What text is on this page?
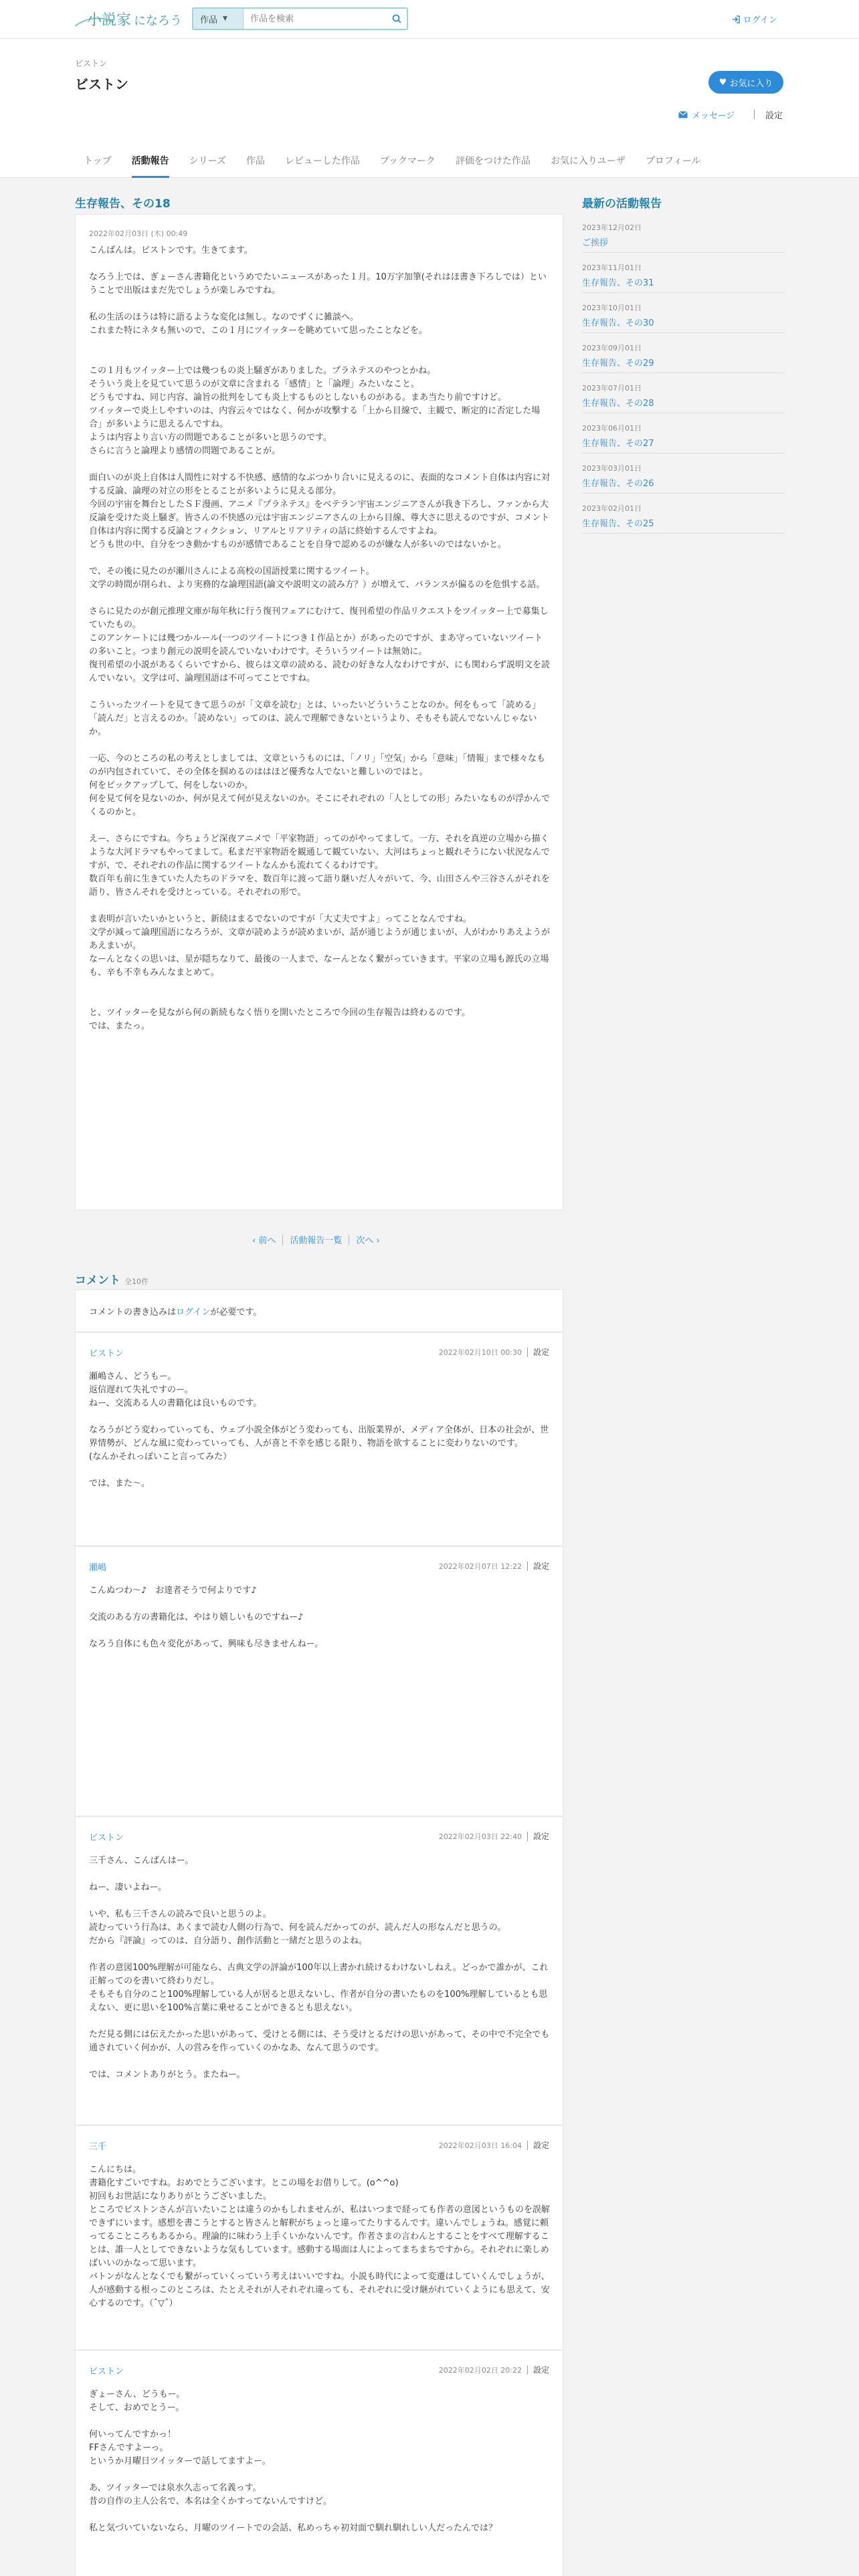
小説家 になろう 作品 ▼
作品を検索	ログイン
ビストン
ビストン	♥ お気に入り
メッセージ	設定
トップ	活動報告	シリーズ	作品	レビューした作品	ブックマーク	評価をつけた作品	お気に入りユーザ	プロフィール
生存報告、その18
2022年02月03日 (木) 00:49
こんばんは。ビストンです。生きてます。

なろう上では、ぎょーさん書籍化というめでたいニュースがあった１月。10万字加筆(それはほ書き下ろしでは）ということで出版はまだ先でしょうが楽しみですね。

私の生活のほうは特に語るような変化は無し。なのでずくに雑談へ。
これまた特にネタも無いので、この１月にツイッターを眺めていて思ったことなどを。

この１月もツイッター上では幾つもの炎上騒ぎがありました。プラネテスのやつとかね。
そういう炎上を見ていて思うのが文章に含まれる「感情」と「論理」みたいなこと。
どうもですね、同じ内容、論旨の批判をしても炎上するものとしないものがある。まあ当たり前ですけど。
ツイッターで炎上しやすいのは、内容云々ではなく、何かが攻撃する「上から目線で、主観で、断定的に否定した場合」が多いように思えるんですね。
ようは内容より言い方の問題であることが多いと思うのです。
さらに言うと論理より感情の問題であることが。

面白いのが炎上自体は人間性に対する不快感、感情的なぶつかり合いに見えるのに、表面的なコメント自体は内容に対する反論、論理の対立の形をとることが多いように見える部分。
今回の宇宙を舞台としたＳＦ漫画、アニメ『プラネテス』をベテラン宇宙エンジニアさんが我き下ろし、ファンから大反論を受けた炎上騒ぎ。皆さんの不快感の元は宇宙エンジニアさんの上から目線、尊大さに思えるのですが、コメント自体は内容に関する反論とフィクション、リアルとリアリティの話に終始するんですよね。
どうも世の中、自分をつき動かすものが感情であることを自身で認めるのが嫌な人が多いのではないかと。

で、その後に見たのが瀬川さんによる高校の国語授業に関するツイート。
文学の時間が削られ、より実務的な論理国語(論文や説明文の読み方？）が増えて、バランスが偏るのを危惧する話。

さらに見たのが創元推理文庫が毎年秋に行う復刊フェアにむけて、復刊希望の作品リクエストをツイッター上で募集していたもの。
このアンケートには幾つかルール(一つのツイートにつき１作品とか）があったのですが、まあ守っていないツイートの多いこと。つまり創元の説明を読んでいないわけです。そういうツイートは無効に。
復刊希望の小説があるくらいですから、彼らは文章の読める、読むの好きな人なわけですが、にも関わらず説明文を読んでいない。文学は可、論理国語は不可ってことですね。

こういったツイートを見てきて思うのが「文章を読む」とは、いったいどういうことなのか。何をもって「読める」「読んだ」と言えるのか。「読めない」ってのは、読んで理解できないというより、そもそも読んでないんじゃないか。

一応、今のところの私の考えとしましては、文章というものには、「ノリ」「空気」から「意味」「情報」まで様々なものが内包されていて、その全体を掴めるのははほど優秀な人でないと難しいのではと。
何をピックアップして、何をしないのか。
何を見て何を見ないのか、何が見えて何が見えないのか。そこにそれぞれの「人としての形」みたいなものが浮かんでくるのかと。

えー、さらにですね。今ちょうど深夜アニメで「平家物語」ってのがやってまして。一方、それを真逆の立場から描くような大河ドラマもやってまして。私まだ平家物語を観通して観ていない、大河はちょっと観れそうにない状況なんですが、で、それぞれの作品に関するツイートなんかも流れてくるわけです。
数百年も前に生きていた人たちのドラマを、数百年に渡って語り継いだ人々がいて、今、山田さんや三谷さんがそれを語り、皆さんそれを受けとっている。それぞれの形で。

ま表明が言いたいかというと、新続はまるでないのですが「大丈夫ですよ」ってことなんですね。
文学が減って論理国語になろうが、文章が読めようが読めまいが、話が通じようが通じまいが、人がわかりあえようがあえまいが。
なーんとなくの思いは、星が隠ちなりて、最後の一人まで、なーんとなく繋がっていきます。平家の立場も源氏の立場も、辛も不幸もみんなまとめて。

と、ツイッターを見ながら何の新続もなく悟りを開いたところで今回の生存報告は終わるのです。
では、またっ。
‹ 前へ	活動報告一覧	次へ ›
コメント 全10件
コメントの書き込みはログインが必要です。
ビストン	2022年02月10日 00:30 設定
瀬嶋さん、どうもー。
返信遅れて失礼ですのー。
ねー、交流ある人の書籍化は良いものです。

なろうがどう変わっていっても、ウェブ小説全体がどう変わっても、出版業界が、メディア全体が、日本の社会が、世界情勢が、どんな風に変わっていっても、人が喜と不幸を感じる限り、物語を欲することに変わりないのです。
(なんかそれっぽいこと言ってみた）

では、また～。
瀬嶋	2022年02月07日 12:22 設定
こんぬつわ～♪　お達者そうで何よりです♪

交流のある方の書籍化は、やはり嬉しいものですねー♪

なろう自体にも色々変化があって、興味も尽きませんねー。
ビストン	2022年02月03日 22:40 設定
三千さん、こんばんはー。

ねー、凄いよねー。

いや、私も三千さんの読みで良いと思うのよ。
読むっていう行為は、あくまで読む人側の行為で、何を読んだかってのが、読んだ人の形なんだと思うの。
だから『評論』ってのは、自分語り、創作活動と一緒だと思うのよね。

作者の意図100%理解が可能なら、古典文学の評論が100年以上書かれ続けるわけないしねえ。どっかで誰かが、これ正解ってのを書いて終わりだし。
そもそも自分のこと100%理解している人が居ると思えないし、作者が自分の書いたものを100%理解しているとも思えない、更に思いを100%言葉に乗せることができるとも思えない。

ただ見る側には伝えたかった思いがあって、受けとる側には、そう受けとるだけの思いがあって、その中で不完全でも通されていく何かが、人の営みを作っていくのかなあ、なんて思うのです。

では、コメントありがとう。またねー。
三千	2022年02月03日 16:04 設定
こんにちは。
書籍化すごいですね。おめでとうございます。とこの場をお借りして。(o^^o)
初回もお世話になりありがとうございました。
ところでビストンさんが言いたいことは違うのかもしれませんが、私はいつまで経っても作者の意図というものを誤解できずにいます。感想を書こうとすると皆さんと解釈がちょっと違ってたりするんです。違いんでしょうね。感覚に頼ってることころもあるから。理論的に味わう上手くいかないんです。作者さまの言わんとすることをすべて理解することは、誰一人としてできないような気もしています。感動する場面は人によってまちまちですから。それぞれに楽しめばいいのかなって思います。
バトンがなんとなくでも繋がっていくっていう考えはいいですね。小説も時代によって変遷はしていくんでしょうが、人が感動する根っこのところは、たとえそれが人それぞれ違っても、それぞれに受け継がれていくようにも思えて、安心するのです。（ˆ▽ˆ）
ビストン	2022年02月02日 20:22 設定
ぎょーさん、どうもー。
そして、おめでとうー。

何いってんですかっ！
FFさんですよーっ。
というか月曜日ツイッターで話してますよー。

あ、ツイッターでは泉水久志って名義っす。
昔の自作の主人公名で、本名は全くかすってないんですけど。

私と気づいていないなら、月曜のツイートでの会話、私めっちゃ初対面で馴れ馴れしい人だったんでは？
最新の活動報告
2023年12月02日
ご挨拶
2023年11月01日
生存報告、その31
2023年10月01日
生存報告、その30
2023年09月01日
生存報告、その29
2023年07月01日
生存報告、その28
2023年06月01日
生存報告、その27
2023年03月01日
生存報告、その26
2023年02月01日
生存報告、その25
